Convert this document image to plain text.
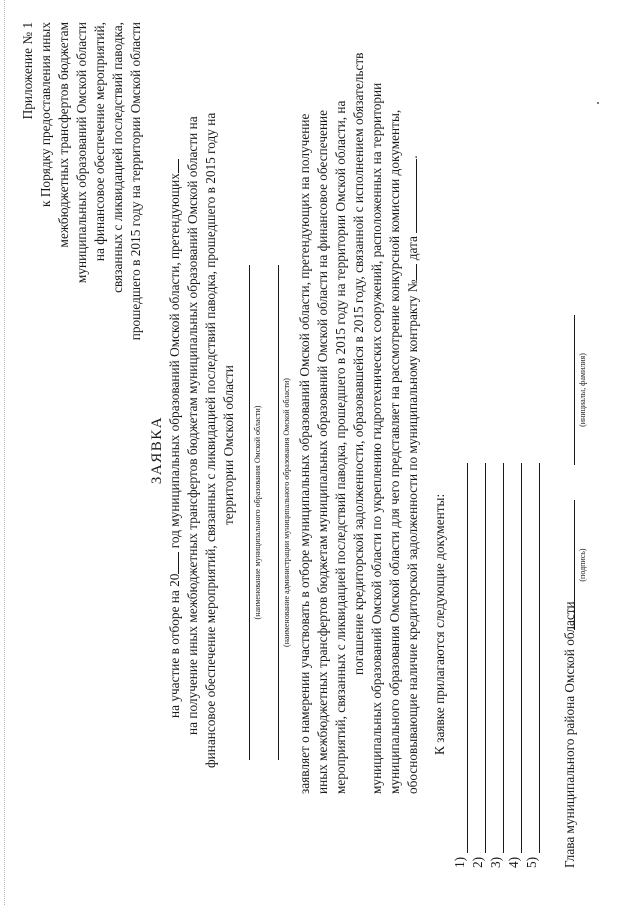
Приложение № 1 к Порядку предоставления иных межбюджетных трансфертов бюджетам муниципальных образований Омской области на финансовое обеспечение мероприятий, связанных с ликвидацией последствий паводка, прошедшего в 2015 году на территории Омской области
ЗАЯВКА
на участие в отборе на 20 год муниципальных образований Омской области, претендующих на получение иных межбюджетных трансфертов бюджетам муниципальных образований Омской области на финансовое обеспечение мероприятий, связанных с ликвидацией последствий паводка, прошедшего в 2015 году на территории Омской области (наименование муниципального образования Омской области)	(наименование администрации муниципального образования Омской области) заявляет о намерении участвовать в отборе муниципальных образований Омской области, претендующих на получение иных межбюджетных трансфертов бюджетам муниципальных образований Омской области на финансовое обеспечение мероприятий, связанных с ликвидацией последствий паводка, прошедшего в 2015 году на территории Омской области, на погашение кредиторской задолженности, образовавшейся в 2015 году, связанной с исполнением обязательств муниципальных образований Омской области по укреплению гидротехнических сооружений, расположенных на территории муниципального образования Омской области для чего представляет на рассмотрение конкурсной комиссии документы, обосновывающие наличие кредиторской задолженности по муниципальному контракту № дата .
К заявке прилагаются следующие документы:
1) 2) 3) 4) 5) Глава муниципального района Омской области
(подпись)
(инициалы, фамилия)
